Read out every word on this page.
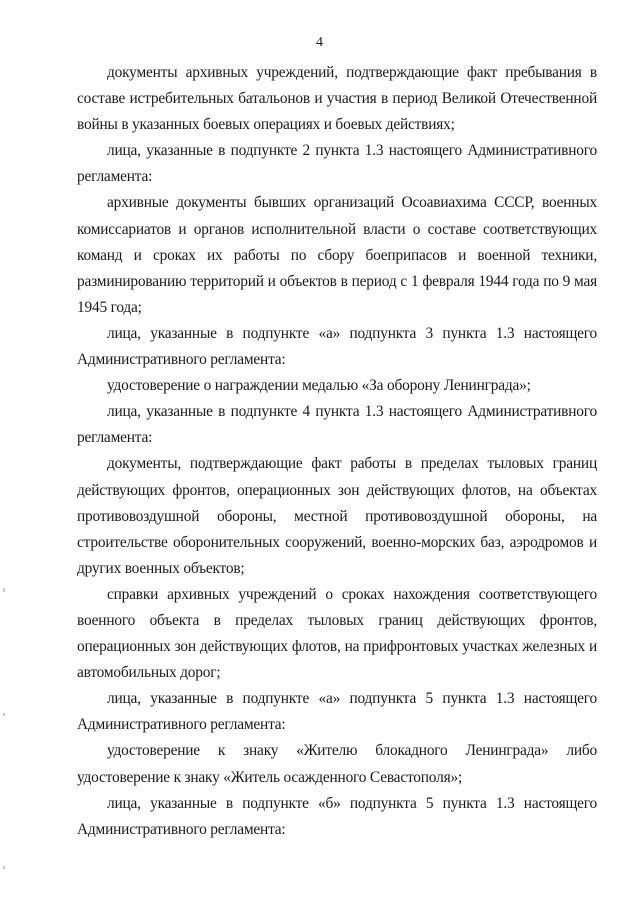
4

документы архивных учреждений, подтверждающие факт пребывания в составе истребительных батальонов и участия в период Великой Отечественной войны в указанных боевых операциях и боевых действиях;

лица, указанные в подпункте 2 пункта 1.3 настоящего Административного регламента:

архивные документы бывших организаций Осоавиахима СССР, военных комиссариатов и органов исполнительной власти о составе соответствующих команд и сроках их работы по сбору боеприпасов и военной техники, разминированию территорий и объектов в период с 1 февраля 1944 года по 9 мая 1945 года;

лица, указанные в подпункте «а» подпункта 3 пункта 1.3 настоящего Административного регламента:

удостоверение о награждении медалью «За оборону Ленинграда»;

лица, указанные в подпункте 4 пункта 1.3 настоящего Административного регламента:

документы, подтверждающие факт работы в пределах тыловых границ действующих фронтов, операционных зон действующих флотов, на объектах противовоздушной обороны, местной противовоздушной обороны, на строительстве оборонительных сооружений, военно-морских баз, аэродромов и других военных объектов;

справки архивных учреждений о сроках нахождения соответствующего военного объекта в пределах тыловых границ действующих фронтов, операционных зон действующих флотов, на прифронтовых участках железных и автомобильных дорог;

лица, указанные в подпункте «а» подпункта 5 пункта 1.3 настоящего Административного регламента:

удостоверение к знаку «Жителю блокадного Ленинграда» либо удостоверение к знаку «Житель осажденного Севастополя»;

лица, указанные в подпункте «б» подпункта 5 пункта 1.3 настоящего Административного регламента:
